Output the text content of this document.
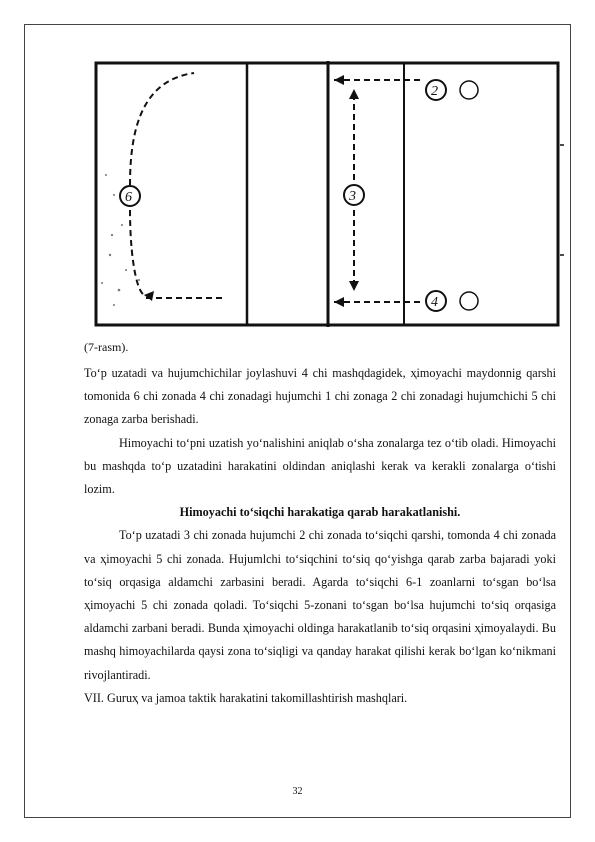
6	3
2
4
(7-rasm).

To‘p uzatadi va hujumchichilar joylashuvi 4 chi mashqdagidek, ҳimoyachi maydonnig qarshi tomonida 6 chi zonada 4 chi zonadagi hujumchi 1 chi zonaga 2 chi zonadagi hujumchichi 5 chi zonaga zarba berishadi.

Himoyachi to‘pni uzatish yo‘nalishini aniqlab o‘sha zonalarga tez o‘tib oladi. Himoyachi bu mashqda to‘p uzatadini harakatini oldindan aniqlashi kerak va kerakli zonalarga o‘tishi lozim.

Himoyachi to‘siqchi harakatiga qarab harakatlanishi.

To‘p uzatadi 3 chi zonada hujumchi 2 chi zonada to‘siqchi qarshi, tomonda 4 chi zonada va ҳimoyachi 5 chi zonada. Hujumlchi to‘siqchini to‘siq qo‘yishga qarab zarba bajaradi yoki to‘siq orqasiga aldamchi zarbasini beradi. Agarda to‘siqchi 6-1 zoanlarni to‘sgan bo‘lsa ҳimoyachi 5 chi zonada qoladi. To‘siqchi 5-zonani to‘sgan bo‘lsa hujumchi to‘siq orqasiga aldamchi zarbani beradi. Bunda ҳimoyachi oldinga harakatlanib to‘siq orqasini ҳimoyalaydi. Bu mashq himoyachilarda qaysi zona to‘siqligi va qanday harakat qilishi kerak bo‘lgan ko‘nikmani rivojlantiradi.

VII. Guruҳ va jamoa taktik harakatini takomillashtirish mashqlari.

32
